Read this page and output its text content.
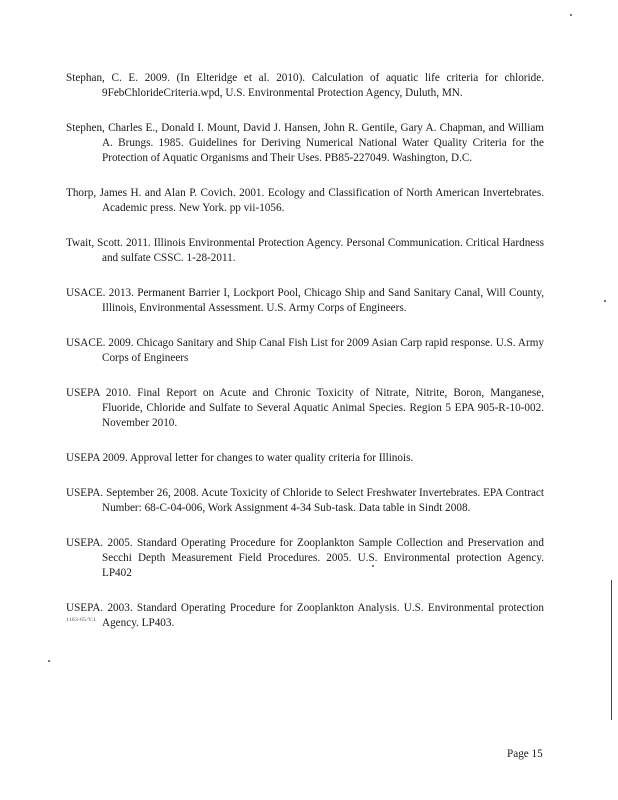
Stephan, C. E. 2009. (In Elteridge et al. 2010). Calculation of aquatic life criteria for chloride. 9FebChlorideCriteria.wpd, U.S. Environmental Protection Agency, Duluth, MN.

Stephen, Charles E., Donald I. Mount, David J. Hansen, John R. Gentile, Gary A. Chapman, and William A. Brungs. 1985. Guidelines for Deriving Numerical National Water Quality Criteria for the Protection of Aquatic Organisms and Their Uses. PB85-227049. Washington, D.C.

Thorp, James H. and Alan P. Covich. 2001. Ecology and Classification of North American Invertebrates. Academic press. New York. pp vii-1056.

Twait, Scott. 2011. Illinois Environmental Protection Agency. Personal Communication. Critical Hardness and sulfate CSSC. 1-28-2011.

USACE. 2013. Permanent Barrier I, Lockport Pool, Chicago Ship and Sand Sanitary Canal, Will County, Illinois, Environmental Assessment. U.S. Army Corps of Engineers.

USACE. 2009. Chicago Sanitary and Ship Canal Fish List for 2009 Asian Carp rapid response. U.S. Army Corps of Engineers

USEPA 2010. Final Report on Acute and Chronic Toxicity of Nitrate, Nitrite, Boron, Manganese, Fluoride, Chloride and Sulfate to Several Aquatic Animal Species. Region 5 EPA 905-R-10-002. November 2010.

USEPA 2009. Approval letter for changes to water quality criteria for Illinois.

USEPA. September 26, 2008. Acute Toxicity of Chloride to Select Freshwater Invertebrates. EPA Contract Number: 68-C-04-006, Work Assignment 4-34 Sub-task. Data table in Sindt 2008.

USEPA. 2005. Standard Operating Procedure for Zooplankton Sample Collection and Preservation and Secchi Depth Measurement Field Procedures. 2005. U.S. Environmental protection Agency. LP402

USEPA. 2003. Standard Operating Procedure for Zooplankton Analysis. U.S. Environmental protection Agency. LP403.

1163-65/V.1
Page 15
